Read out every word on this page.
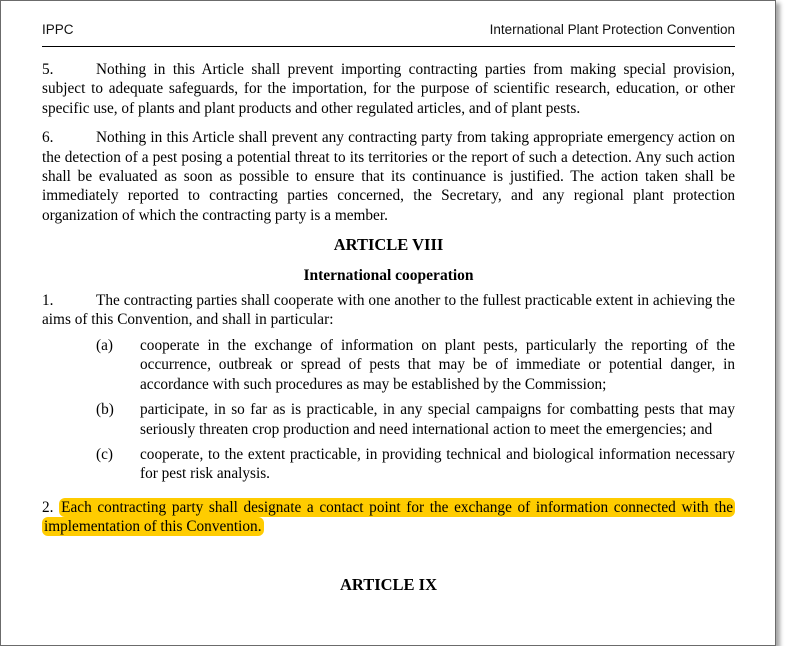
IPPC	International Plant Protection Convention

5.	Nothing in this Article shall prevent importing contracting parties from making special provision, subject to adequate safeguards, for the importation, for the purpose of scientific research, education, or other specific use, of plants and plant products and other regulated articles, and of plant pests.

6.	Nothing in this Article shall prevent any contracting party from taking appropriate emergency action on the detection of a pest posing a potential threat to its territories or the report of such a detection. Any such action shall be evaluated as soon as possible to ensure that its continuance is justified. The action taken shall be immediately reported to contracting parties concerned, the Secretary, and any regional plant protection organization of which the contracting party is a member.

ARTICLE VIII

International cooperation

1.	The contracting parties shall cooperate with one another to the fullest practicable extent in achieving the aims of this Convention, and shall in particular:

(a)	cooperate in the exchange of information on plant pests, particularly the reporting of the occurrence, outbreak or spread of pests that may be of immediate or potential danger, in accordance with such procedures as may be established by the Commission;
(b)	participate, in so far as is practicable, in any special campaigns for combatting pests that may seriously threaten crop production and need international action to meet the emergencies; and
(c)	cooperate, to the extent practicable, in providing technical and biological information necessary for pest risk analysis.

2. Each contracting party shall designate a contact point for the exchange of information connected with the implementation of this Convention.

ARTICLE IX
